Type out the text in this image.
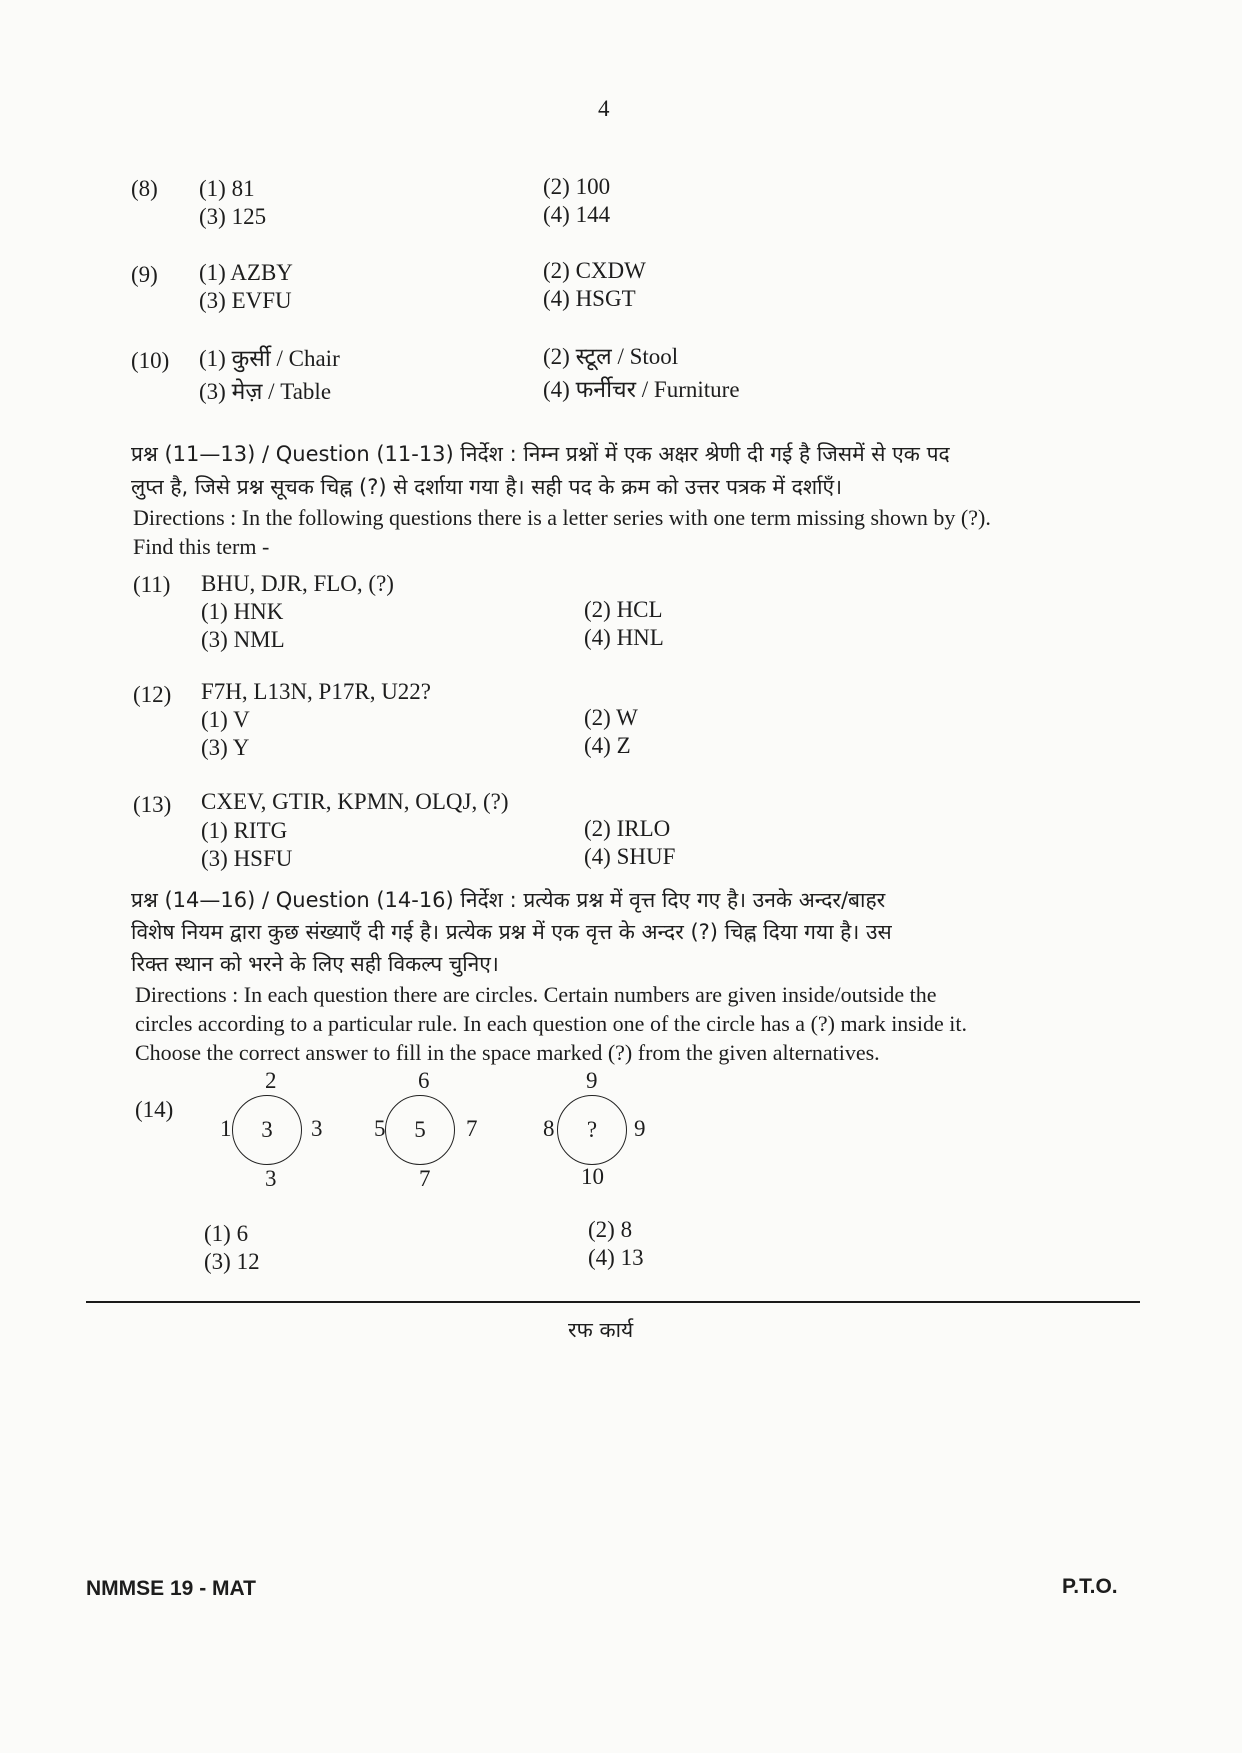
4
(8) (1) 81	(2) 100
(3) 125	(4) 144
(9) (1) AZBY	(2) CXDW
(3) EVFU	(4) HSGT
(10) (1) कुर्सी / Chair	(2) स्टूल / Stool
(3) मेज़ / Table	(4) फर्नीचर / Furniture
प्रश्न (11—13) / Question (11-13) निर्देश : निम्न प्रश्नों में एक अक्षर श्रेणी दी गई है जिसमें से एक पद
लुप्त है, जिसे प्रश्न सूचक चिह्न (?) से दर्शाया गया है। सही पद के क्रम को उत्तर पत्रक में दर्शाएँ।
Directions : In the following questions there is a letter series with one term missing shown by (?).
Find this term -
(11) BHU, DJR, FLO, (?)
(1) HNK	(2) HCL
(3) NML	(4) HNL
(12) F7H, L13N, P17R, U22?
(1) V	(2) W
(3) Y	(4) Z
(13) CXEV, GTIR, KPMN, OLQJ, (?)
(1) RITG	(2) IRLO
(3) HSFU	(4) SHUF
प्रश्न (14—16) / Question (14-16) निर्देश : प्रत्येक प्रश्न में वृत्त दिए गए है। उनके अन्दर/बाहर
विशेष नियम द्वारा कुछ संख्याएँ दी गई है। प्रत्येक प्रश्न में एक वृत्त के अन्दर (?) चिह्न दिया गया है। उस
रिक्त स्थान को भरने के लिए सही विकल्प चुनिए।
Directions : In each question there are circles. Certain numbers are given inside/outside the
circles according to a particular rule. In each question one of the circle has a (?) mark inside it.
Choose the correct answer to fill in the space marked (?) from the given alternatives.
(14)
2
1	3	3
3
6
5	5	7
7
9
8	?	9
10
(1) 6	(2) 8
(3) 12	(4) 13
रफ कार्य
NMMSE 19 - MAT	P.T.O.
